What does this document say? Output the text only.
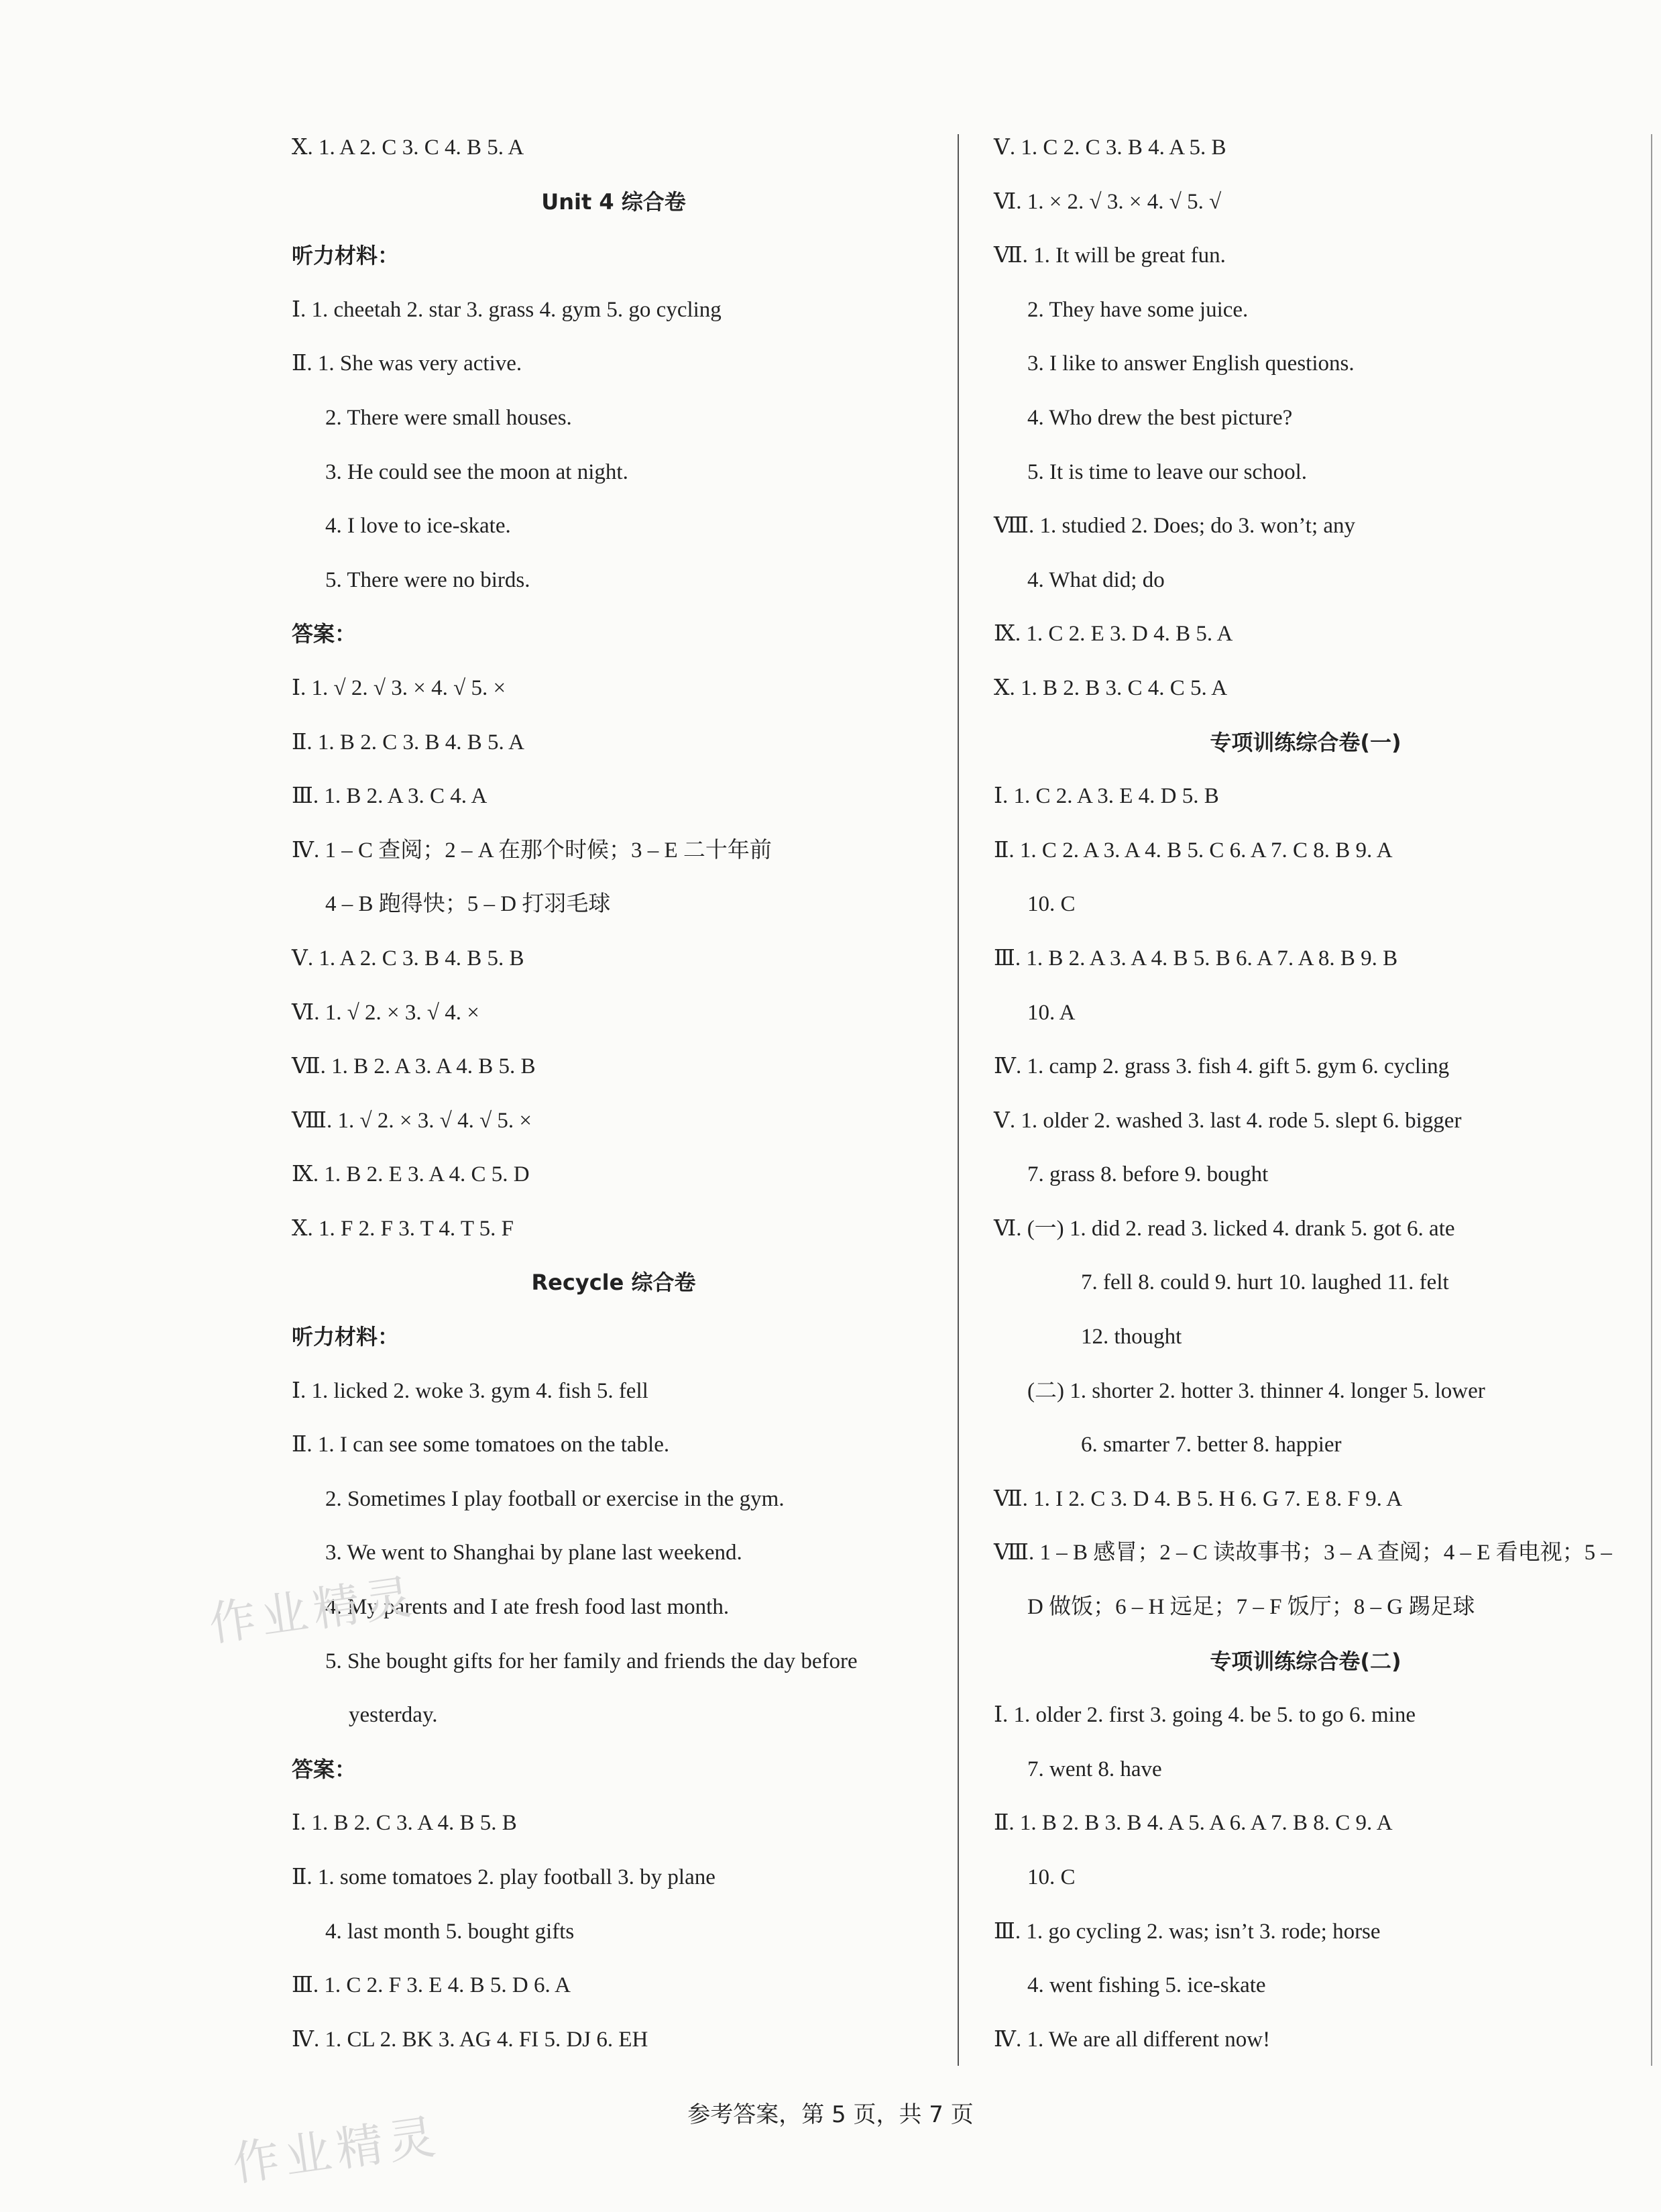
Ⅹ. 1. A 2. C 3. C 4. B 5. A
Unit 4 综合卷
听力材料：
Ⅰ. 1. cheetah 2. star 3. grass 4. gym 5. go cycling
Ⅱ. 1. She was very active.
2. There were small houses.
3. He could see the moon at night.
4. I love to ice-skate.
5. There were no birds.
答案：
Ⅰ. 1. √ 2. √ 3. × 4. √ 5. ×
Ⅱ. 1. B 2. C 3. B 4. B 5. A
Ⅲ. 1. B 2. A 3. C 4. A
Ⅳ. 1 – C 查阅；2 – A 在那个时候；3 – E 二十年前
4 – B 跑得快；5 – D 打羽毛球
Ⅴ. 1. A 2. C 3. B 4. B 5. B
Ⅵ. 1. √ 2. × 3. √ 4. ×
Ⅶ. 1. B 2. A 3. A 4. B 5. B
Ⅷ. 1. √ 2. × 3. √ 4. √ 5. ×
Ⅸ. 1. B 2. E 3. A 4. C 5. D
Ⅹ. 1. F 2. F 3. T 4. T 5. F
Recycle 综合卷
听力材料：
Ⅰ. 1. licked 2. woke 3. gym 4. fish 5. fell
Ⅱ. 1. I can see some tomatoes on the table.
2. Sometimes I play football or exercise in the gym.
3. We went to Shanghai by plane last weekend.
4. My parents and I ate fresh food last month.
5. She bought gifts for her family and friends the day before
yesterday.
答案：
Ⅰ. 1. B 2. C 3. A 4. B 5. B
Ⅱ. 1. some tomatoes 2. play football 3. by plane
4. last month 5. bought gifts
Ⅲ. 1. C 2. F 3. E 4. B 5. D 6. A
Ⅳ. 1. CL 2. BK 3. AG 4. FI 5. DJ 6. EH
Ⅴ. 1. C 2. C 3. B 4. A 5. B
Ⅵ. 1. × 2. √ 3. × 4. √ 5. √
Ⅶ. 1. It will be great fun.
2. They have some juice.
3. I like to answer English questions.
4. Who drew the best picture?
5. It is time to leave our school.
Ⅷ. 1. studied 2. Does; do 3. won’t; any
4. What did; do
Ⅸ. 1. C 2. E 3. D 4. B 5. A
Ⅹ. 1. B 2. B 3. C 4. C 5. A
专项训练综合卷(一)
Ⅰ. 1. C 2. A 3. E 4. D 5. B
Ⅱ. 1. C 2. A 3. A 4. B 5. C 6. A 7. C 8. B 9. A
10. C
Ⅲ. 1. B 2. A 3. A 4. B 5. B 6. A 7. A 8. B 9. B
10. A
Ⅳ. 1. camp 2. grass 3. fish 4. gift 5. gym 6. cycling
Ⅴ. 1. older 2. washed 3. last 4. rode 5. slept 6. bigger
7. grass 8. before 9. bought
Ⅵ. (一) 1. did 2. read 3. licked 4. drank 5. got 6. ate
7. fell 8. could 9. hurt 10. laughed 11. felt
12. thought
(二) 1. shorter 2. hotter 3. thinner 4. longer 5. lower
6. smarter 7. better 8. happier
Ⅶ. 1. I 2. C 3. D 4. B 5. H 6. G 7. E 8. F 9. A
Ⅷ. 1 – B 感冒；2 – C 读故事书；3 – A 查阅；4 – E 看电视；5 –
D 做饭；6 – H 远足；7 – F 饭厅；8 – G 踢足球
专项训练综合卷(二)
Ⅰ. 1. older 2. first 3. going 4. be 5. to go 6. mine
7. went 8. have
Ⅱ. 1. B 2. B 3. B 4. A 5. A 6. A 7. B 8. C 9. A
10. C
Ⅲ. 1. go cycling 2. was; isn’t 3. rode; horse
4. went fishing 5. ice-skate
Ⅳ. 1. We are all different now!
参考答案，第 5 页，共 7 页
作业精灵
作业精灵
